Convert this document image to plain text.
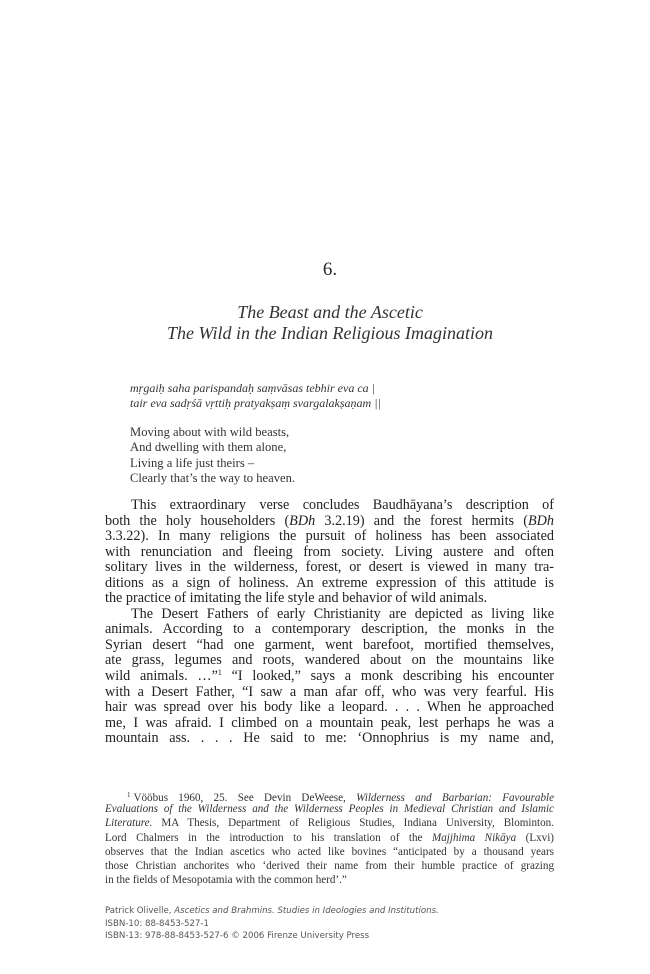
6.
The Beast and the Ascetic
The Wild in the Indian Religious Imagination
mṛgaiḥ saha parispandaḥ saṃvāsas tebhir eva ca |
tair eva sadṛśā vṛttiḥ pratyakṣaṃ svargalakṣaṇam ||
Moving about with wild beasts,
And dwelling with them alone,
Living a life just theirs –
Clearly that’s the way to heaven.
This extraordinary verse concludes Baudhāyana’s description of
both the holy householders (BDh 3.2.19) and the forest hermits (BDh
3.3.22). In many religions the pursuit of holiness has been associated
with renunciation and fleeing from society. Living austere and often
solitary lives in the wilderness, forest, or desert is viewed in many tra-
ditions as a sign of holiness. An extreme expression of this attitude is
the practice of imitating the life style and behavior of wild animals.
The Desert Fathers of early Christianity are depicted as living like
animals. According to a contemporary description, the monks in the
Syrian desert “had one garment, went barefoot, mortified themselves,
ate grass, legumes and roots, wandered about on the mountains like
wild animals. …”$^1$ “I looked,” says a monk describing his encounter
with a Desert Father, “I saw a man afar off, who was very fearful. His
hair was spread over his body like a leopard. . . . When he approached
me, I was afraid. I climbed on a mountain peak, lest perhaps he was a
mountain ass. . . . He said to me: ‘Onnophrius is my name and,
$^1$ Vööbus 1960, 25. See Devin DeWeese, Wilderness and Barbarian: Favourable
Evaluations of the Wilderness and the Wilderness Peoples in Medieval Christian and Islamic
Literature. MA Thesis, Department of Religious Studies, Indiana University, Blominton.
Lord Chalmers in the introduction to his translation of the Majjhima Nikāya (Lxvi)
observes that the Indian ascetics who acted like bovines “anticipated by a thousand years
those Christian anchorites who ‘derived their name from their humble practice of grazing
in the fields of Mesopotamia with the common herd’.”
Patrick Olivelle, Ascetics and Brahmins. Studies in Ideologies and Institutions.
ISBN-10: 88-8453-527-1
ISBN-13: 978-88-8453-527-6 © 2006 Firenze University Press
